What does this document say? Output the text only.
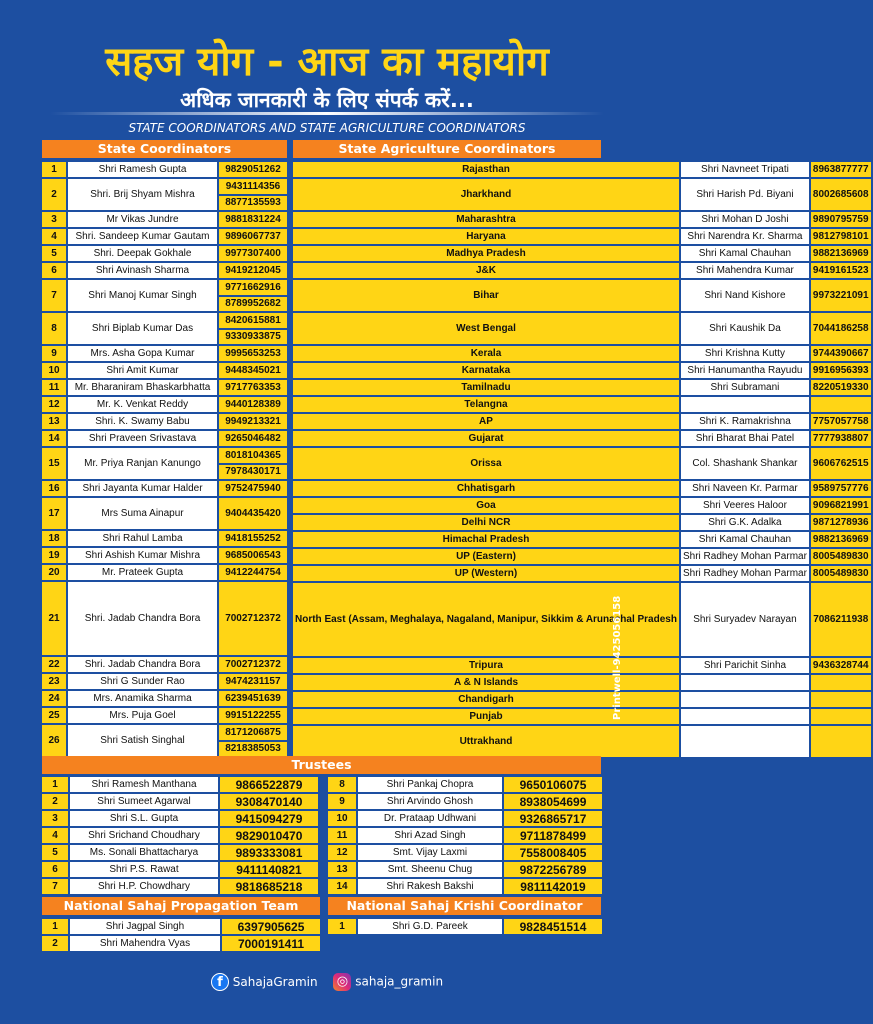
सहज योग - आज का महायोग
अधिक जानकारी के लिए संपर्क करें...
STATE COORDINATORS AND STATE AGRICULTURE COORDINATORS
State Coordinators	State Agriculture Coordinators
1	Shri Ramesh Gupta	9829051262
2	Shri. Brij Shyam Mishra	9431114356
		8877135593
3	Mr Vikas Jundre	9881831224
4	Shri. Sandeep Kumar Gautam	9896067737
5	Shri. Deepak Gokhale	9977307400
6	Shri Avinash Sharma	9419212045
7	Shri Manoj Kumar Singh	9771662916
		8789952682
8	Shri Biplab Kumar Das	8420615881
		9330933875
9	Mrs. Asha Gopa Kumar	9995653253
10	Shri Amit Kumar	9448345021
11	Mr. Bharaniram Bhaskarbhatta	9717763353
12	Mr. K. Venkat Reddy	9440128389
13	Shri. K. Swamy Babu	9949213321
14	Shri Praveen Srivastava	9265046482
15	Mr. Priya Ranjan Kanungo	8018104365
		7978430171
16	Shri Jayanta Kumar Halder	9752475940
17	Mrs Suma Ainapur	9404435420
18	Shri Rahul Lamba	9418155252
19	Shri Ashish Kumar Mishra	9685006543
20	Mr. Prateek Gupta	9412244754
21	Shri. Jadab Chandra Bora	7002712372
22	Shri. Jadab Chandra Bora	7002712372
23	Shri G Sunder Rao	9474231157
24	Mrs. Anamika Sharma	6239451639
25	Mrs. Puja Goel	9915122255
26	Shri Satish Singhal	8171206875
		8218385053
Rajasthan	Shri Navneet Tripati	8963877777
Jharkhand	Shri Harish Pd. Biyani	8002685608
Maharashtra	Shri Mohan D Joshi	9890795759
Haryana	Shri Narendra Kr. Sharma	9812798101
Madhya Pradesh	Shri Kamal Chauhan	9882136969
J&K	Shri Mahendra Kumar	9419161523
Bihar	Shri Nand Kishore	9973221091
West Bengal	Shri Kaushik Da	7044186258
Kerala	Shri Krishna Kutty	9744390667
Karnataka	Shri Hanumantha Rayudu	9916956393
Tamilnadu	Shri Subramani	8220519330
Telangna		
AP	Shri K. Ramakrishna	7757057758
Gujarat	Shri Bharat Bhai Patel	7777938807
Orissa	Col. Shashank Shankar	9606762515
Chhatisgarh	Shri Naveen Kr. Parmar	9589757776
Goa	Shri Veeres Haloor	9096821991
Delhi NCR	Shri G.K. Adalka	9871278936
Himachal Pradesh	Shri Kamal Chauhan	9882136969
UP (Eastern)	Shri Radhey Mohan Parmar	8005489830
UP (Western)	Shri Radhey Mohan Parmar	8005489830
North East (Assam, Meghalaya, Nagaland, Manipur, Sikkim & Arunachal Pradesh	Shri Suryadev Narayan	7086211938
Tripura	Shri Parichit Sinha	9436328744
A & N Islands		
Chandigarh		
Punjab		
Uttrakhand		
Trustees
1	Shri Ramesh Manthana	9866522879
2	Shri Sumeet Agarwal	9308470140
3	Shri S.L. Gupta	9415094279
4	Shri Srichand Choudhary	9829010470
5	Ms. Sonali Bhattacharya	9893333081
6	Shri P.S. Rawat	9411140821
7	Shri H.P. Chowdhary	9818685218
8	Shri Pankaj Chopra	9650106075
9	Shri Arvindo Ghosh	8938054699
10	Dr. Prataap Udhwani	9326865717
11	Shri Azad Singh	9711878499
12	Smt. Vijay Laxmi	7558008405
13	Smt. Sheenu Chug	9872256789
14	Shri Rakesh Bakshi	9811142019
National Sahaj Propagation Team	National Sahaj Krishi Coordinator
1	Shri Jagpal Singh	6397905625
2	Shri Mahendra Vyas	7000191411
1	Shri G.D. Pareek	9828451514
Printwell-9425056158
f SahajaGramin ◎ sahaja_gramin
